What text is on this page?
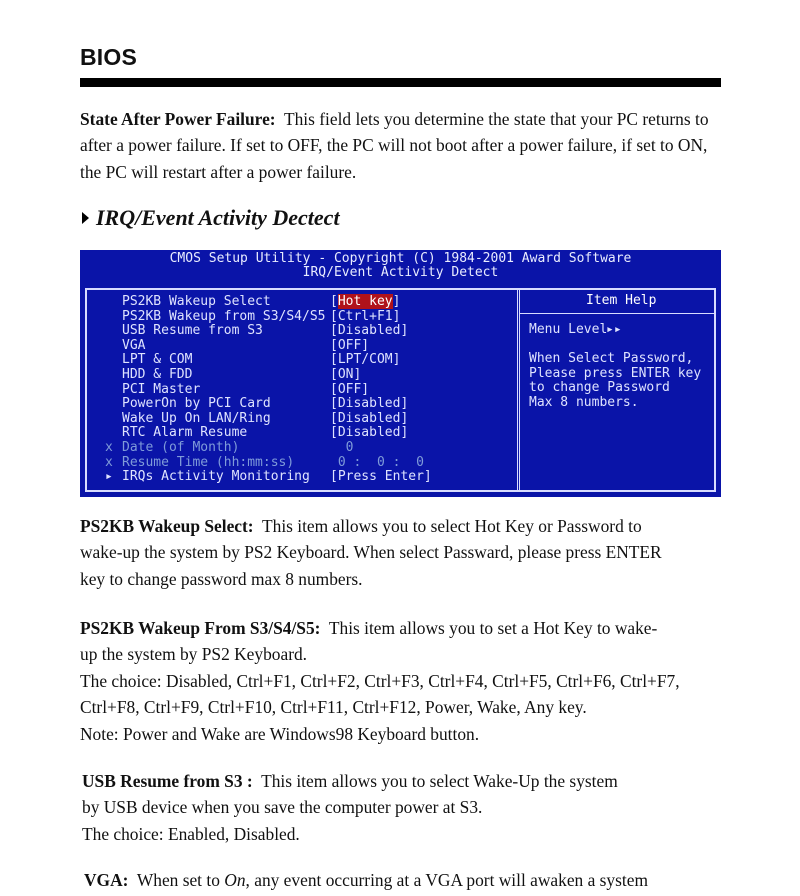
BIOS
State After Power Failure: This field lets you determine the state that your PC returns to after a power failure. If set to OFF, the PC will not boot after a power failure, if set to ON, the PC will restart after a power failure.
IRQ/Event Activity Dectect
CMOS Setup Utility - Copyright (C) 1984-2001 Award Software
IRQ/Event Activity Detect
PS2KB Wakeup Select	[Hot key]
PS2KB Wakeup from S3/S4/S5 [Ctrl+F1]
USB Resume from S3	[Disabled]
VGA	[OFF]
LPT & COM	[LPT/COM]
HDD & FDD	[ON]
PCI Master	[OFF]
PowerOn by PCI Card	[Disabled]
Wake Up On LAN/Ring	[Disabled]
RTC Alarm Resume	[Disabled]
x Date (of Month)	0
x Resume Time (hh:mm:ss)	0 :  0 :  0
▸ IRQs Activity Monitoring [Press Enter]
Item Help
Menu Level
▸▸
When Select Password,
Please press ENTER key
to change Password
Max 8 numbers.
PS2KB Wakeup Select: This item allows you to select Hot Key or Password to
wake-up the system by PS2 Keyboard. When select Passward, please press ENTER
key to change password max 8 numbers.
PS2KB Wakeup From S3/S4/S5: This item allows you to set a Hot Key to wake-
up the system by PS2 Keyboard.
The choice: Disabled, Ctrl+F1, Ctrl+F2, Ctrl+F3, Ctrl+F4, Ctrl+F5, Ctrl+F6, Ctrl+F7,
Ctrl+F8, Ctrl+F9, Ctrl+F10, Ctrl+F11, Ctrl+F12, Power, Wake, Any key.
Note: Power and Wake are Windows98 Keyboard button.
USB Resume from S3 : This item allows you to select Wake-Up the system
by USB device when you save the computer power at S3.
The choice: Enabled, Disabled.
VGA: When set to On, any event occurring at a VGA port will awaken a system
